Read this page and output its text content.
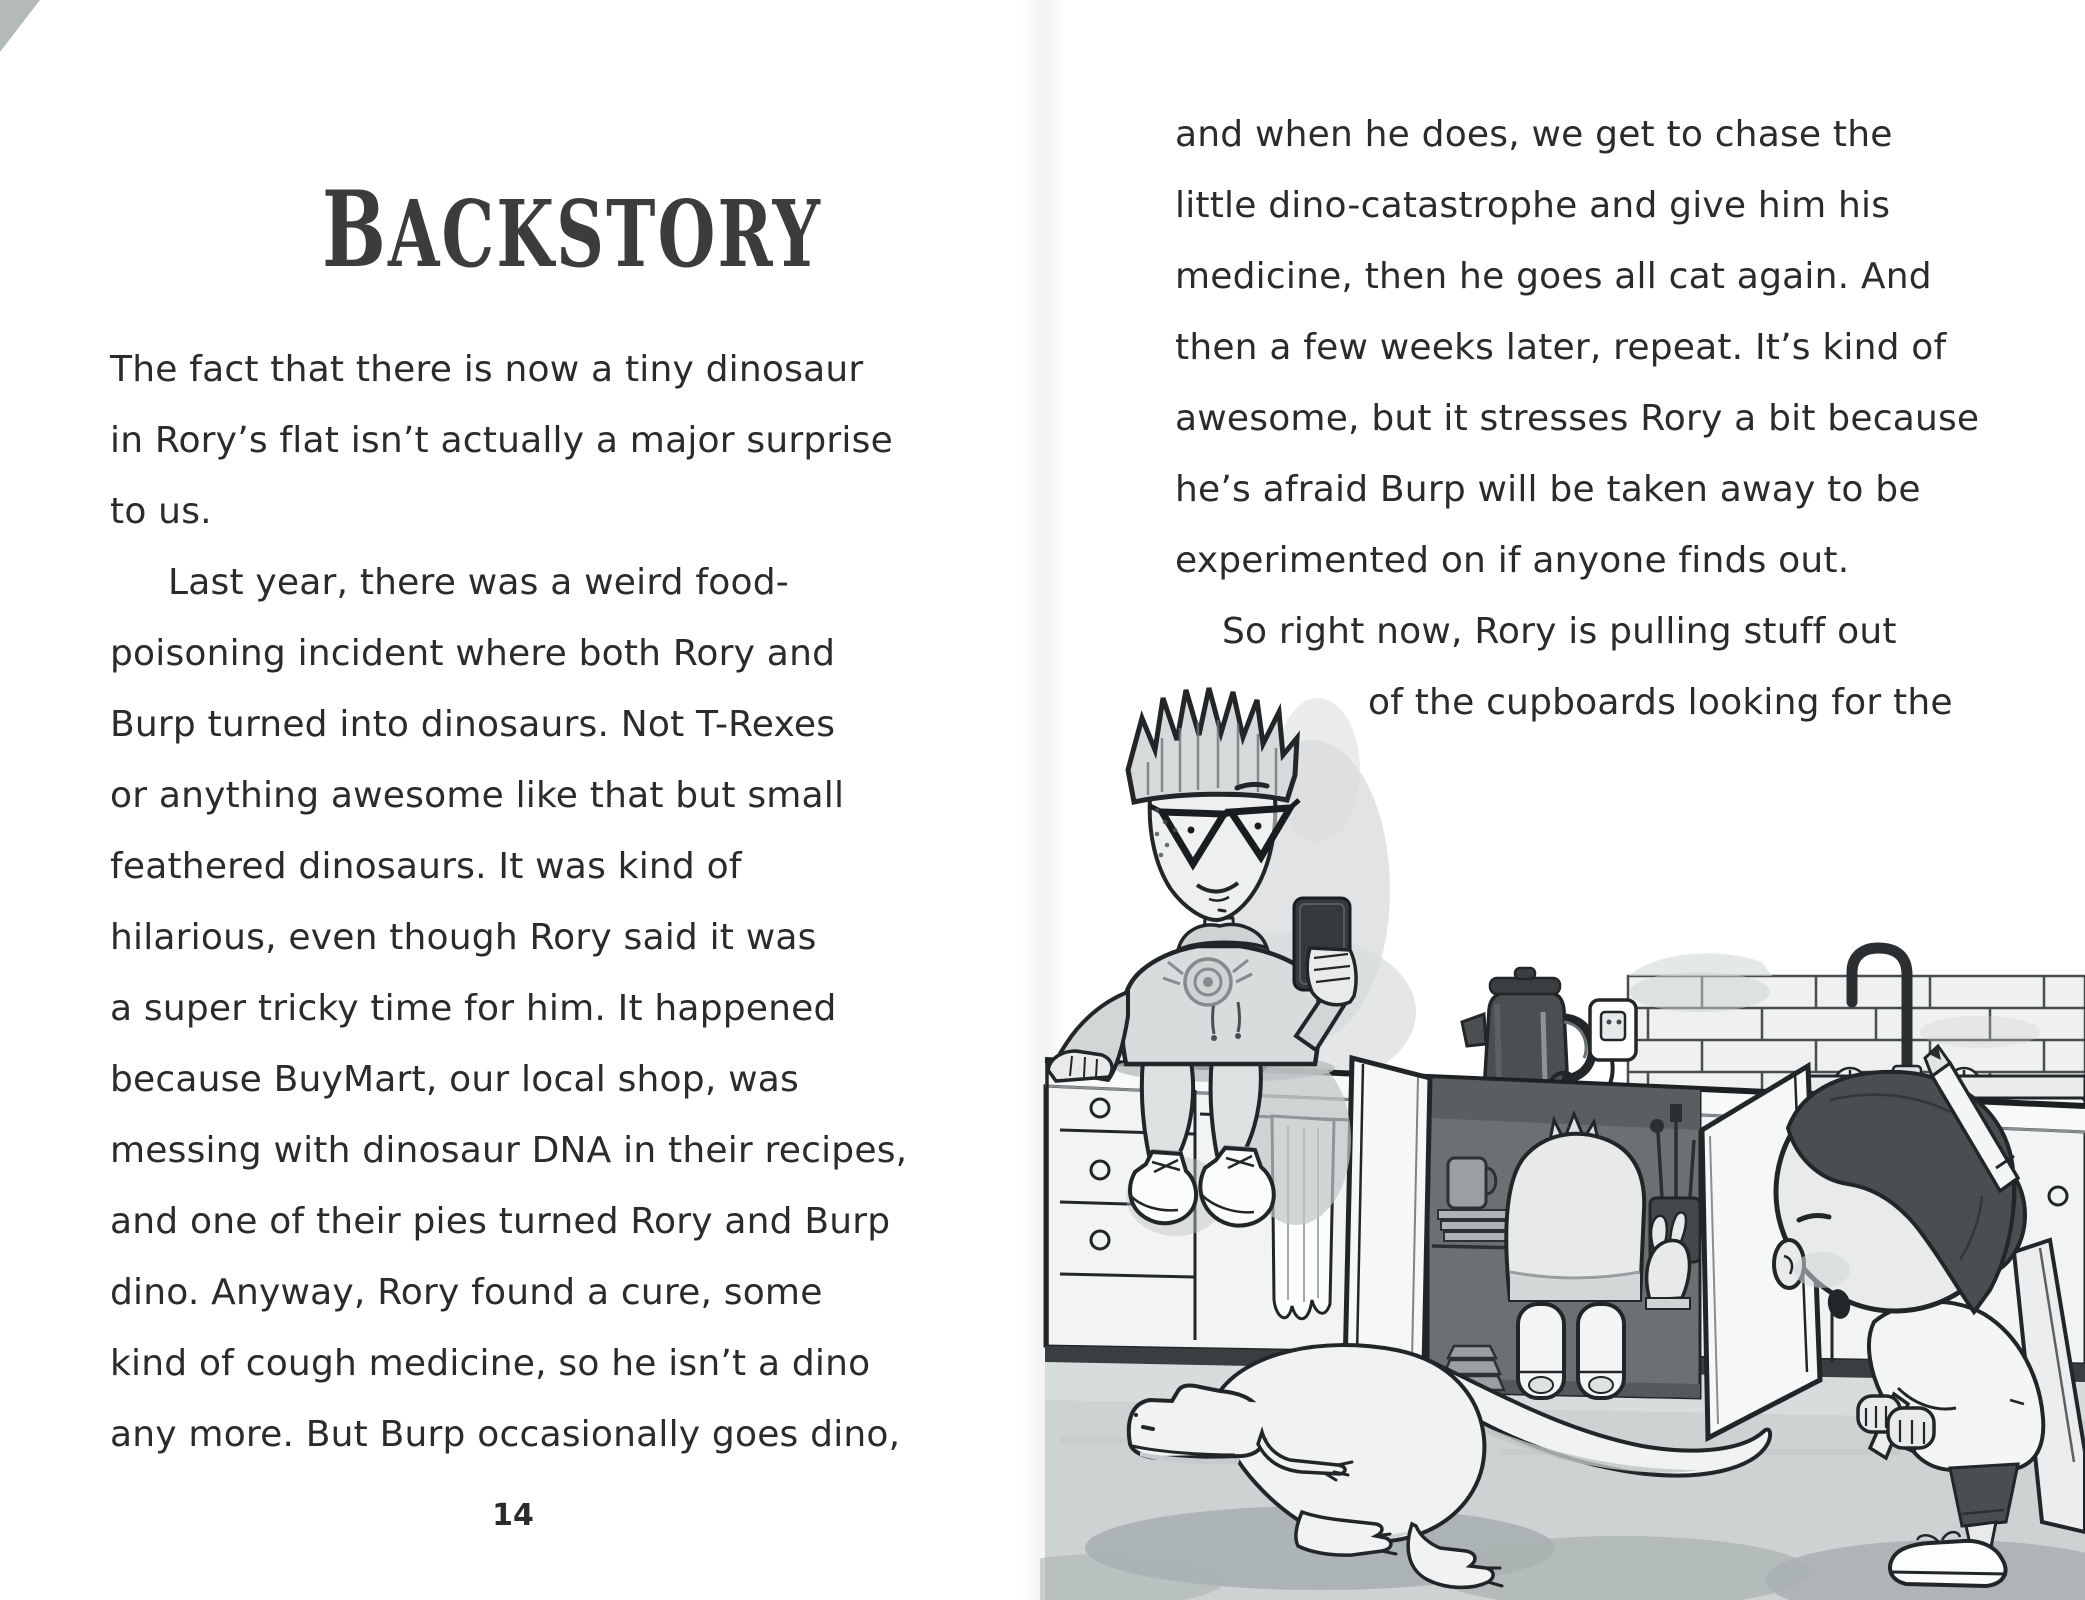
BACKSTORY
The fact that there is now a tiny dinosaur
in Rory’s flat isn’t actually a major surprise
to us.
Last year, there was a weird food-
poisoning incident where both Rory and
Burp turned into dinosaurs. Not T-Rexes
or anything awesome like that but small
feathered dinosaurs. It was kind of
hilarious, even though Rory said it was
a super tricky time for him. It happened
because BuyMart, our local shop, was
messing with dinosaur DNA in their recipes,
and one of their pies turned Rory and Burp
dino. Anyway, Rory found a cure, some
kind of cough medicine, so he isn’t a dino
any more. But Burp occasionally goes dino,
14
and when he does, we get to chase the
little dino-catastrophe and give him his
medicine, then he goes all cat again. And
then a few weeks later, repeat. It’s kind of
awesome, but it stresses Rory a bit because
he’s afraid Burp will be taken away to be
experimented on if anyone finds out.
So right now, Rory is pulling stuff out
of the cupboards looking for the
